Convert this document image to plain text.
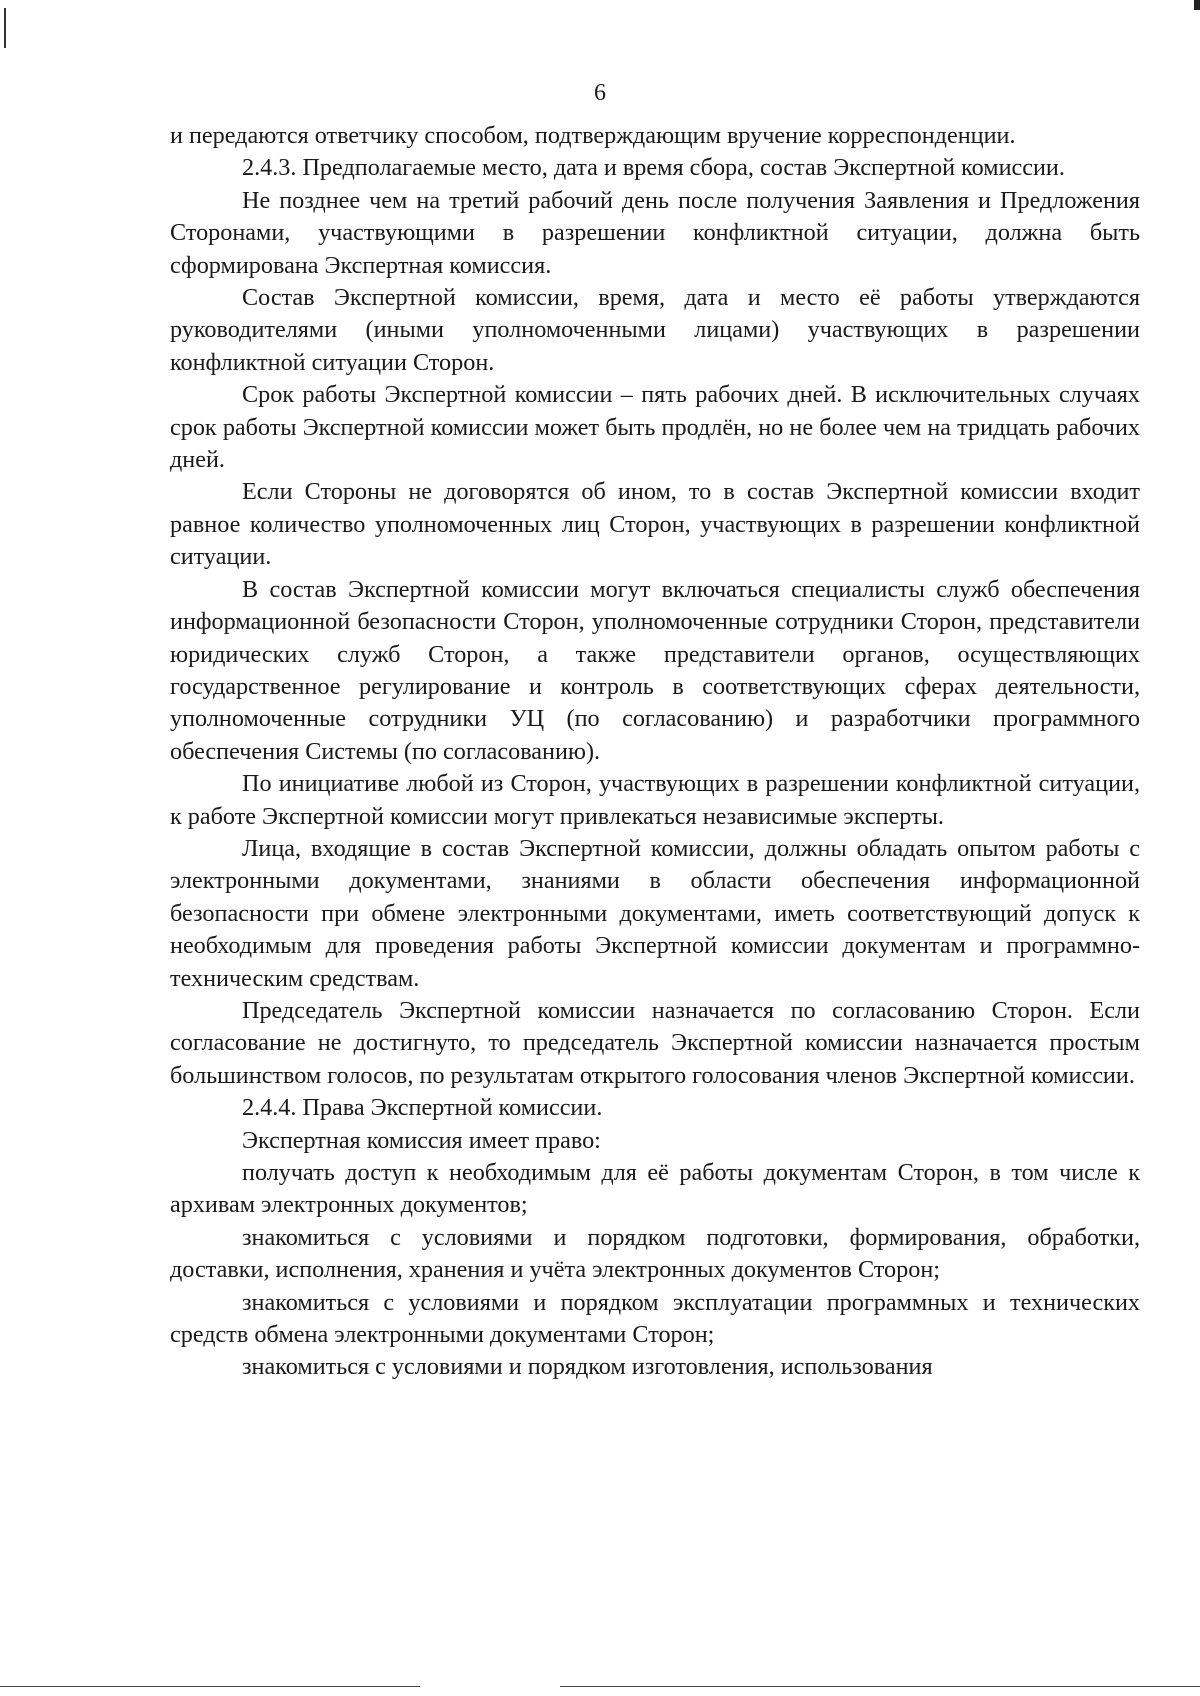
6

и передаются ответчику способом, подтверждающим вручение корреспонденции.

2.4.3. Предполагаемые место, дата и время сбора, состав Экспертной комиссии.

Не позднее чем на третий рабочий день после получения Заявления и Предложения Сторонами, участвующими в разрешении конфликтной ситуации, должна быть сформирована Экспертная комиссия.

Состав Экспертной комиссии, время, дата и место её работы утверждаются руководителями (иными уполномоченными лицами) участвующих в разрешении конфликтной ситуации Сторон.

Срок работы Экспертной комиссии – пять рабочих дней. В исключительных случаях срок работы Экспертной комиссии может быть продлён, но не более чем на тридцать рабочих дней.

Если Стороны не договорятся об ином, то в состав Экспертной комиссии входит равное количество уполномоченных лиц Сторон, участвующих в разрешении конфликтной ситуации.

В состав Экспертной комиссии могут включаться специалисты служб обеспечения информационной безопасности Сторон, уполномоченные сотрудники Сторон, представители юридических служб Сторон, а также представители органов, осуществляющих государственное регулирование и контроль в соответствующих сферах деятельности, уполномоченные сотрудники УЦ (по согласованию) и разработчики программного обеспечения Системы (по согласованию).

По инициативе любой из Сторон, участвующих в разрешении конфликтной ситуации, к работе Экспертной комиссии могут привлекаться независимые эксперты.

Лица, входящие в состав Экспертной комиссии, должны обладать опытом работы с электронными документами, знаниями в области обеспечения информационной безопасности при обмене электронными документами, иметь соответствующий допуск к необходимым для проведения работы Экспертной комиссии документам и программно-техническим средствам.

Председатель Экспертной комиссии назначается по согласованию Сторон. Если согласование не достигнуто, то председатель Экспертной комиссии назначается простым большинством голосов, по результатам открытого голосования членов Экспертной комиссии.

2.4.4. Права Экспертной комиссии.

Экспертная комиссия имеет право:

получать доступ к необходимым для её работы документам Сторон, в том числе к архивам электронных документов;

знакомиться с условиями и порядком подготовки, формирования, обработки, доставки, исполнения, хранения и учёта электронных документов Сторон;

знакомиться с условиями и порядком эксплуатации программных и технических средств обмена электронными документами Сторон;

знакомиться с условиями и порядком изготовления, использования
